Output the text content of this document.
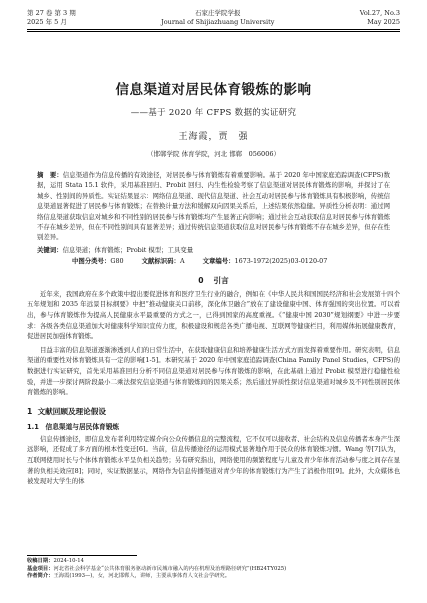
第 27 卷 第 3 期
2025 年 5 月
石家庄学院学报
Journal of Shijiazhuang University
Vol.27, No.3
May 2025
信息渠道对居民体育锻炼的影响
——基于 2020 年 CFPS 数据的实证研究
王海霞，贾　强
（邯郸学院 体育学院，河北 邯郸　056006）
摘　要：信息渠道作为信息传播的有效途径，对居民参与体育锻炼有着重要影响。基于 2020 年中国家庭追踪调查(CFPS)数据，运用 Stata 15.1 软件，采用基准回归、Probit 回归、内生性检验考察了信息渠道对居民体育锻炼的影响，并探讨了在城乡、性别间的异质性。实证结果显示：网络信息渠道、现代信息渠道、社会互动对居民参与体育锻炼具有积极影响，传统信息渠道显著促进了居民参与体育锻炼；在替换计量方法和缓解双向因果关系后，上述结果依然稳健。异质性分析表明：通过网络信息渠道获取信息对城乡和不同性别的居民参与体育锻炼均产生显著正向影响；通过社会互动获取信息对居民参与体育锻炼不存在城乡差异，但在不同性别间具有显著差异；通过传统信息渠道获取信息对居民参与体育锻炼不存在城乡差异，但存在性别差异。
关键词：信息渠道；体育锻炼；Probit 模型；工具变量
中图分类号：G80	文献标识码：A	文章编号：1673-1972(2025)03-0120-07
0 引言

近年来，我国政府在多个政策中提出要促进体育和医疗卫生行业的融合，例如在《中华人民共和国国民经济和社会发展第十四个五年规划和 2035 年远景目标纲要》中把“推动健康关口前移，深化体卫融合”放在了建设健康中国、体育强国的突出位置。可以看出，参与体育锻炼作为提高人民健康水平最重要的方式之一，已得到国家的高度重视。《“健康中国 2030”规划纲要》中进一步要求：各级各类信息渠道加大对健康科学知识宣传力度，积极建设和规范各类广播电视、互联网等健康栏目，利用媒体拓展健康教育，促进居民加强体育锻炼。

目益丰富的信息渠道逐渐渗透到人们的日常生活中，在获取健康信息和培养健康生活方式方面发挥着重要作用。研究表明，信息渠道的重要性对体育锻炼具有一定的影响[1-5]。本研究基于 2020 年中国家庭追踪调查(China Family Panel Studies，CFPS)的数据进行实证研究，首先采用基准回归分析不同信息渠道对居民参与体育锻炼的影响，在此基础上通过 Probit 模型进行稳健性检验，并进一步探讨两阶段最小二乘法探究信息渠道与体育锻炼间的因果关系；然后通过异质性探讨信息渠道对城乡及不同性别居民体育锻炼的影响。

1 文献回顾及理论假设
1.1　信息渠道与居民体育锻炼

信息传播途径，即信息发布者利用特定媒介向公众传播信息的完整流程，它不仅可以接收者、社会结构及信息传播者本身产生深远影响，还促成了多方面的根本性变迁[6]。当前，信息传播途径的运用模式显著地作用于民众的体育锻炼习惯。Wang 等[7]认为，互联网使用时长与个体体育锻炼水平呈负相关趋势；另有研究指出，网络使用的频繁程度与儿童及青少年体育活动参与度之间存在显著的负相关效应[8]；同时，实证数据显示，网络作为信息传播渠道对青少年的体育锻炼行为产生了消极作用[9]。此外，大众媒体也被发现对大学生的体

收稿日期：2024-10-14
基金项目：河北省社会科学基金“公共体育服务驱动新市民城市融入的内在机理及治理路径研究”(HB24TY025)
作者简介：王海霞(1993—)，女，河北邯郸人，讲师，主要从事体育人文社会学研究。
